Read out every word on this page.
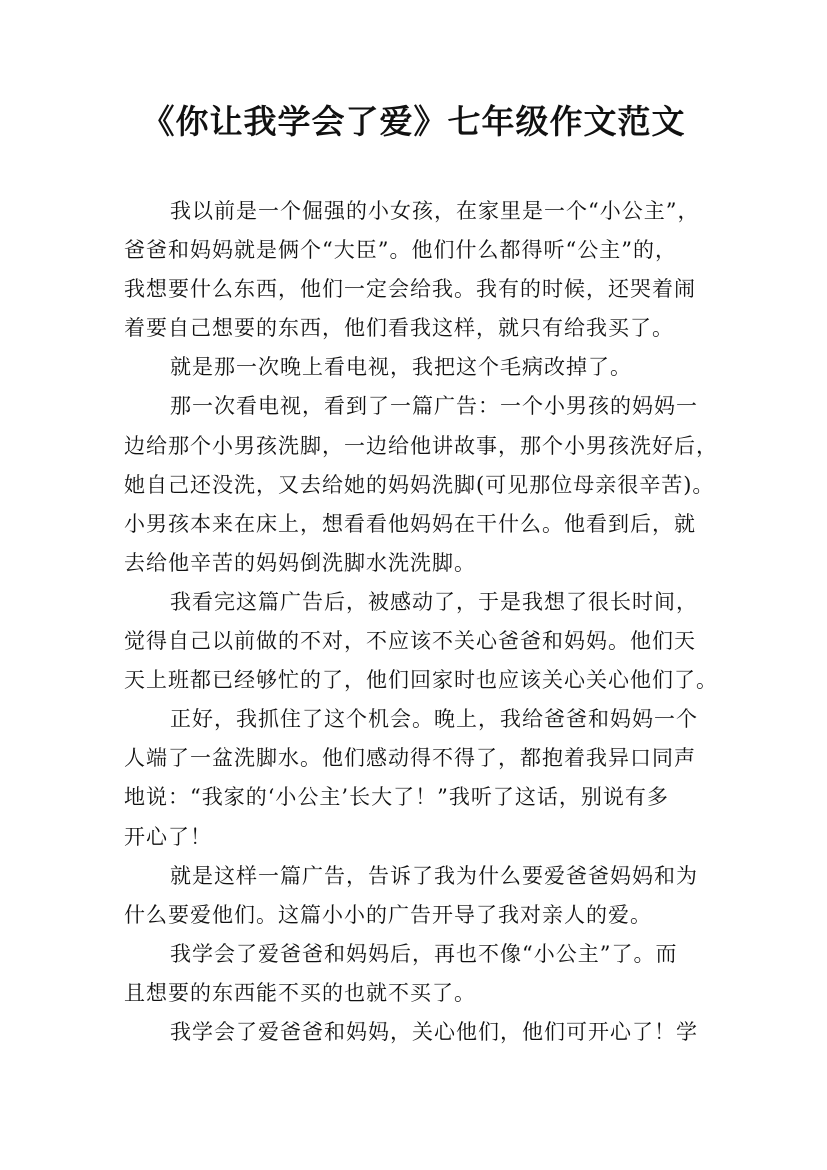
《你让我学会了爱》七年级作文范文
我以前是一个倔强的小女孩，在家里是一个“小公主”，
爸爸和妈妈就是俩个“大臣”。他们什么都得听“公主”的，
我想要什么东西，他们一定会给我。我有的时候，还哭着闹
着要自己想要的东西，他们看我这样，就只有给我买了。
就是那一次晚上看电视，我把这个毛病改掉了。
那一次看电视，看到了一篇广告：一个小男孩的妈妈一
边给那个小男孩洗脚，一边给他讲故事，那个小男孩洗好后，
她自己还没洗，又去给她的妈妈洗脚(可见那位母亲很辛苦)。
小男孩本来在床上，想看看他妈妈在干什么。他看到后，就
去给他辛苦的妈妈倒洗脚水洗洗脚。
我看完这篇广告后，被感动了，于是我想了很长时间，
觉得自己以前做的不对，不应该不关心爸爸和妈妈。他们天
天上班都已经够忙的了，他们回家时也应该关心关心他们了。
正好，我抓住了这个机会。晚上，我给爸爸和妈妈一个
人端了一盆洗脚水。他们感动得不得了，都抱着我异口同声
地说：“我家的‘小公主’长大了！”我听了这话，别说有多
开心了！
就是这样一篇广告，告诉了我为什么要爱爸爸妈妈和为
什么要爱他们。这篇小小的广告开导了我对亲人的爱。
我学会了爱爸爸和妈妈后，再也不像“小公主”了。而
且想要的东西能不买的也就不买了。
我学会了爱爸爸和妈妈，关心他们，他们可开心了！学
